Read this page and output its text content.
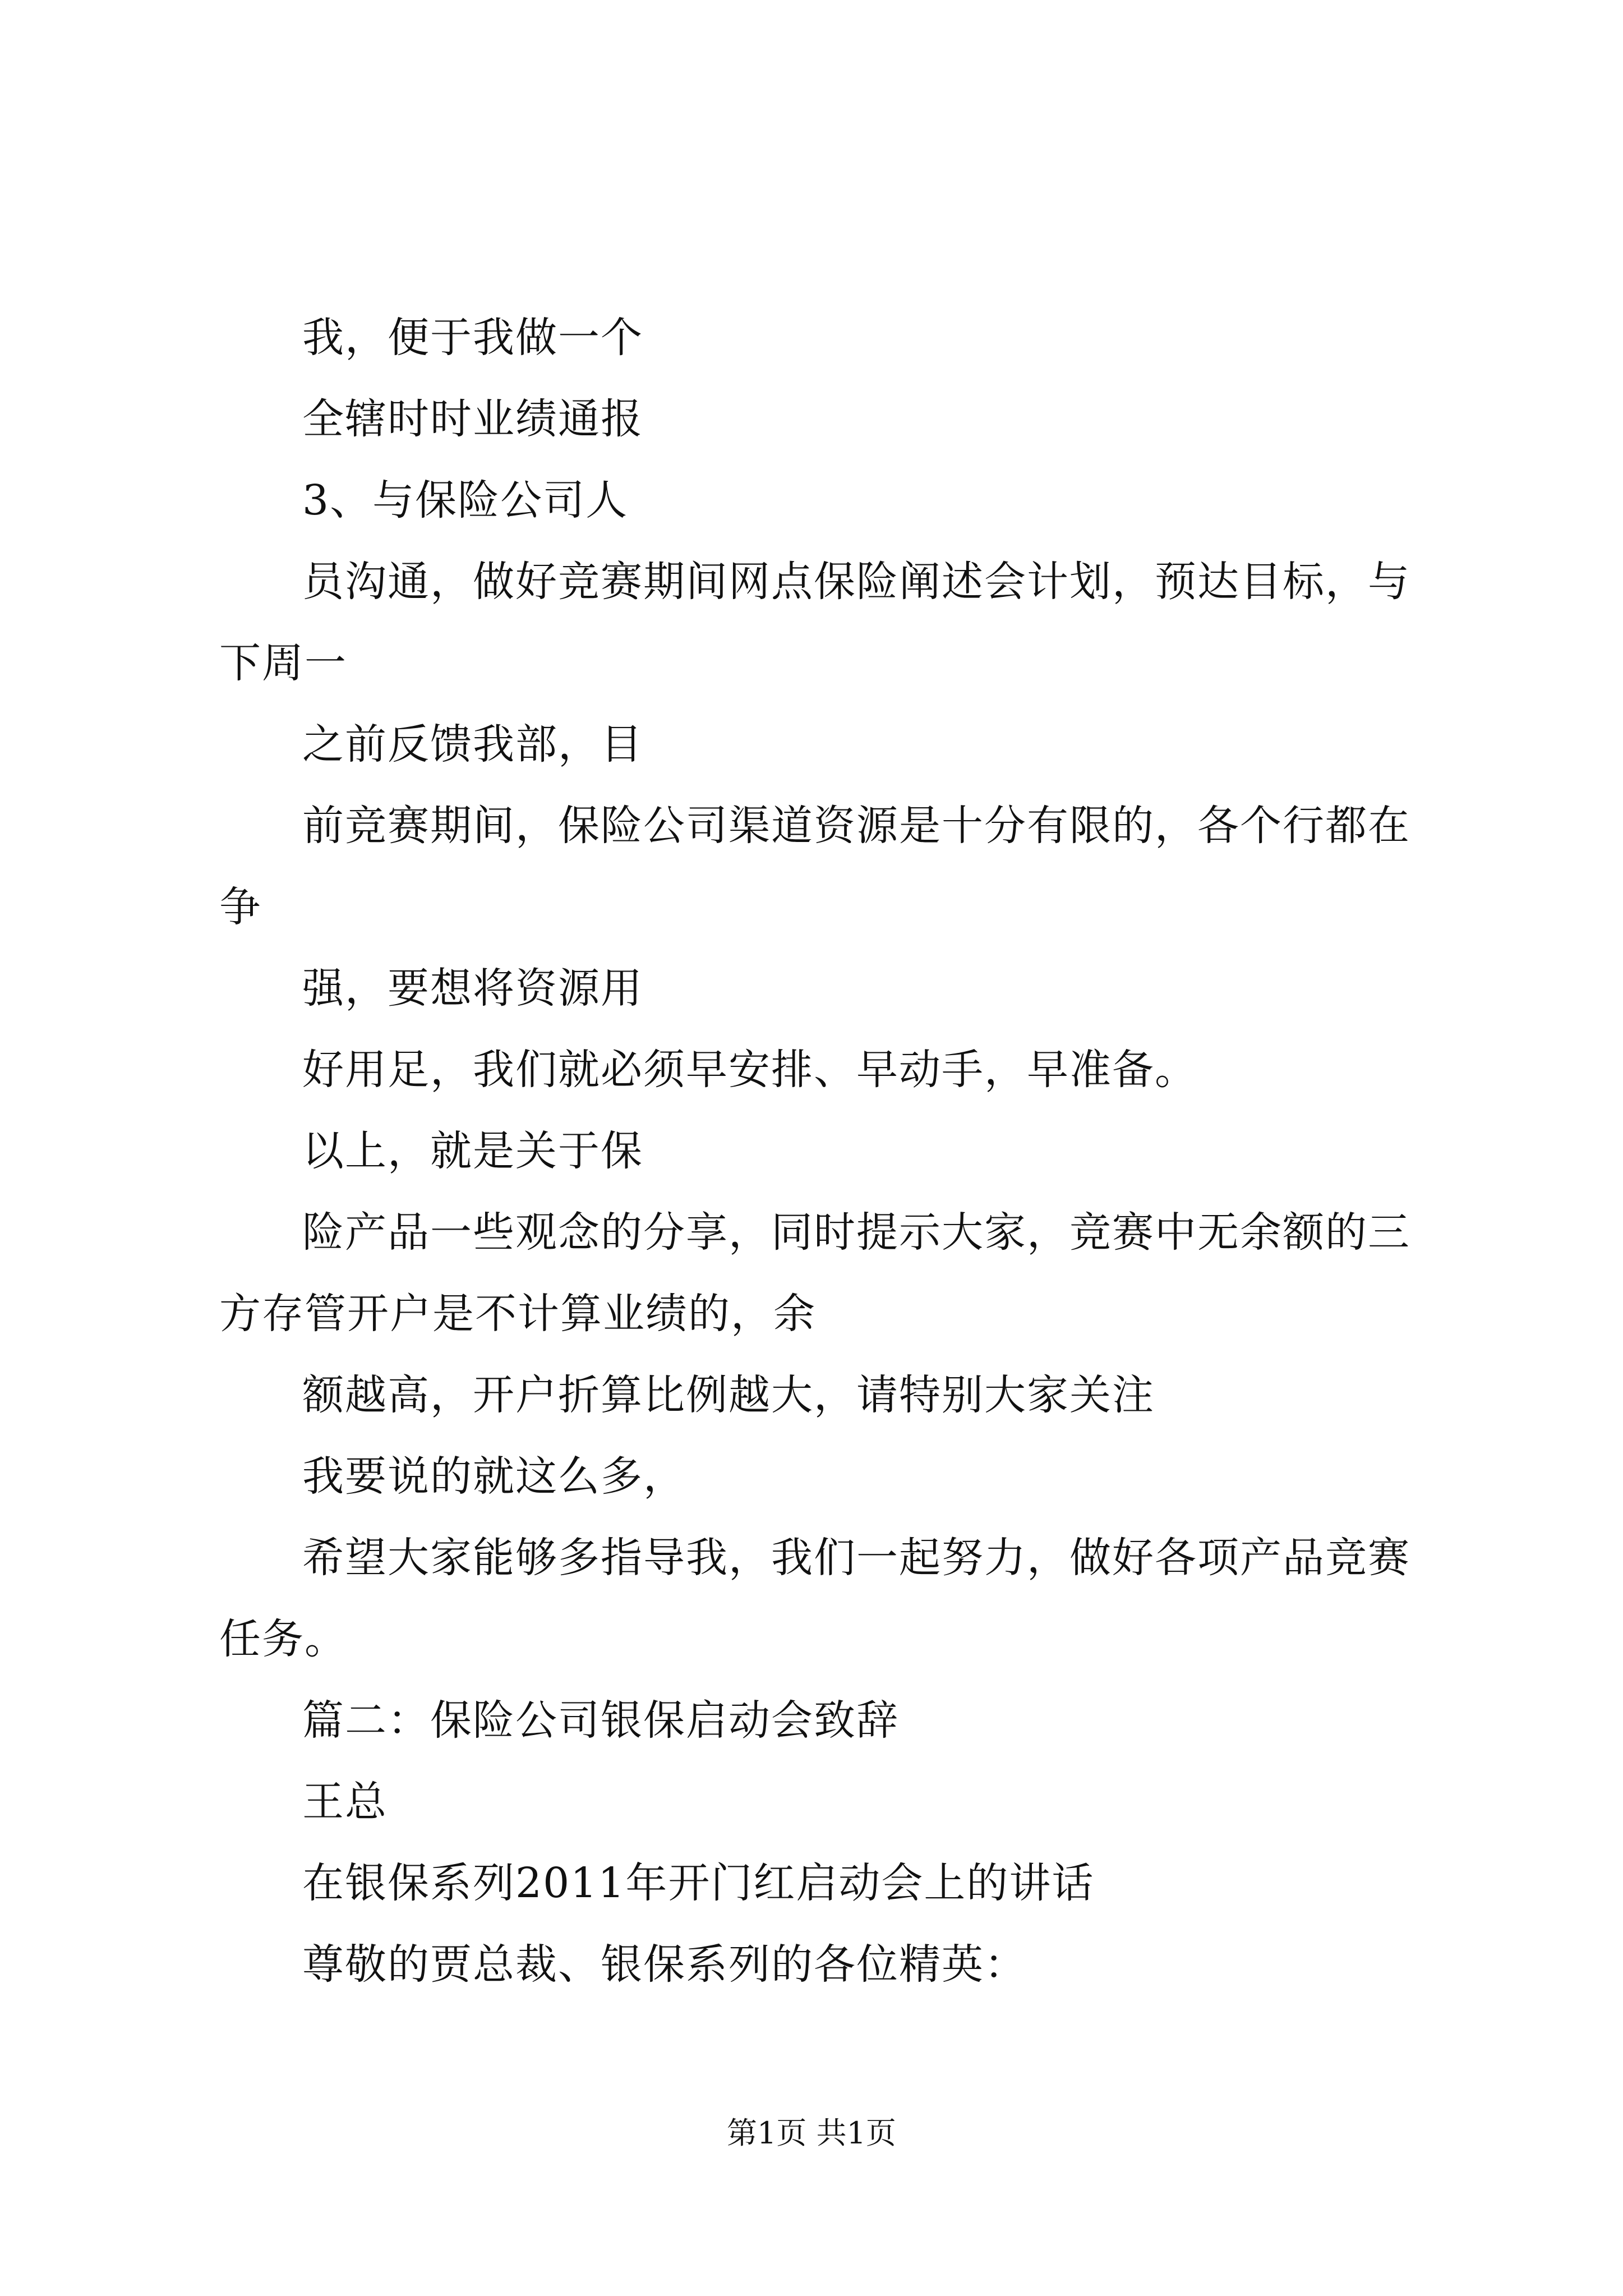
我，便于我做一个

全辖时时业绩通报

3、与保险公司人

员沟通，做好竞赛期间网点保险阐述会计划，预达目标，与下周一

之前反馈我部，目

前竞赛期间，保险公司渠道资源是十分有限的，各个行都在争

强，要想将资源用

好用足，我们就必须早安排、早动手，早准备。

以上，就是关于保

险产品一些观念的分享，同时提示大家，竞赛中无余额的三方存管开户是不计算业绩的，余

额越高，开户折算比例越大，请特别大家关注

我要说的就这么多，

希望大家能够多指导我，我们一起努力，做好各项产品竞赛任务。

篇二：保险公司银保启动会致辞

王总

在银保系列2011年开门红启动会上的讲话

尊敬的贾总裁、银保系列的各位精英：

第1页 共1页
